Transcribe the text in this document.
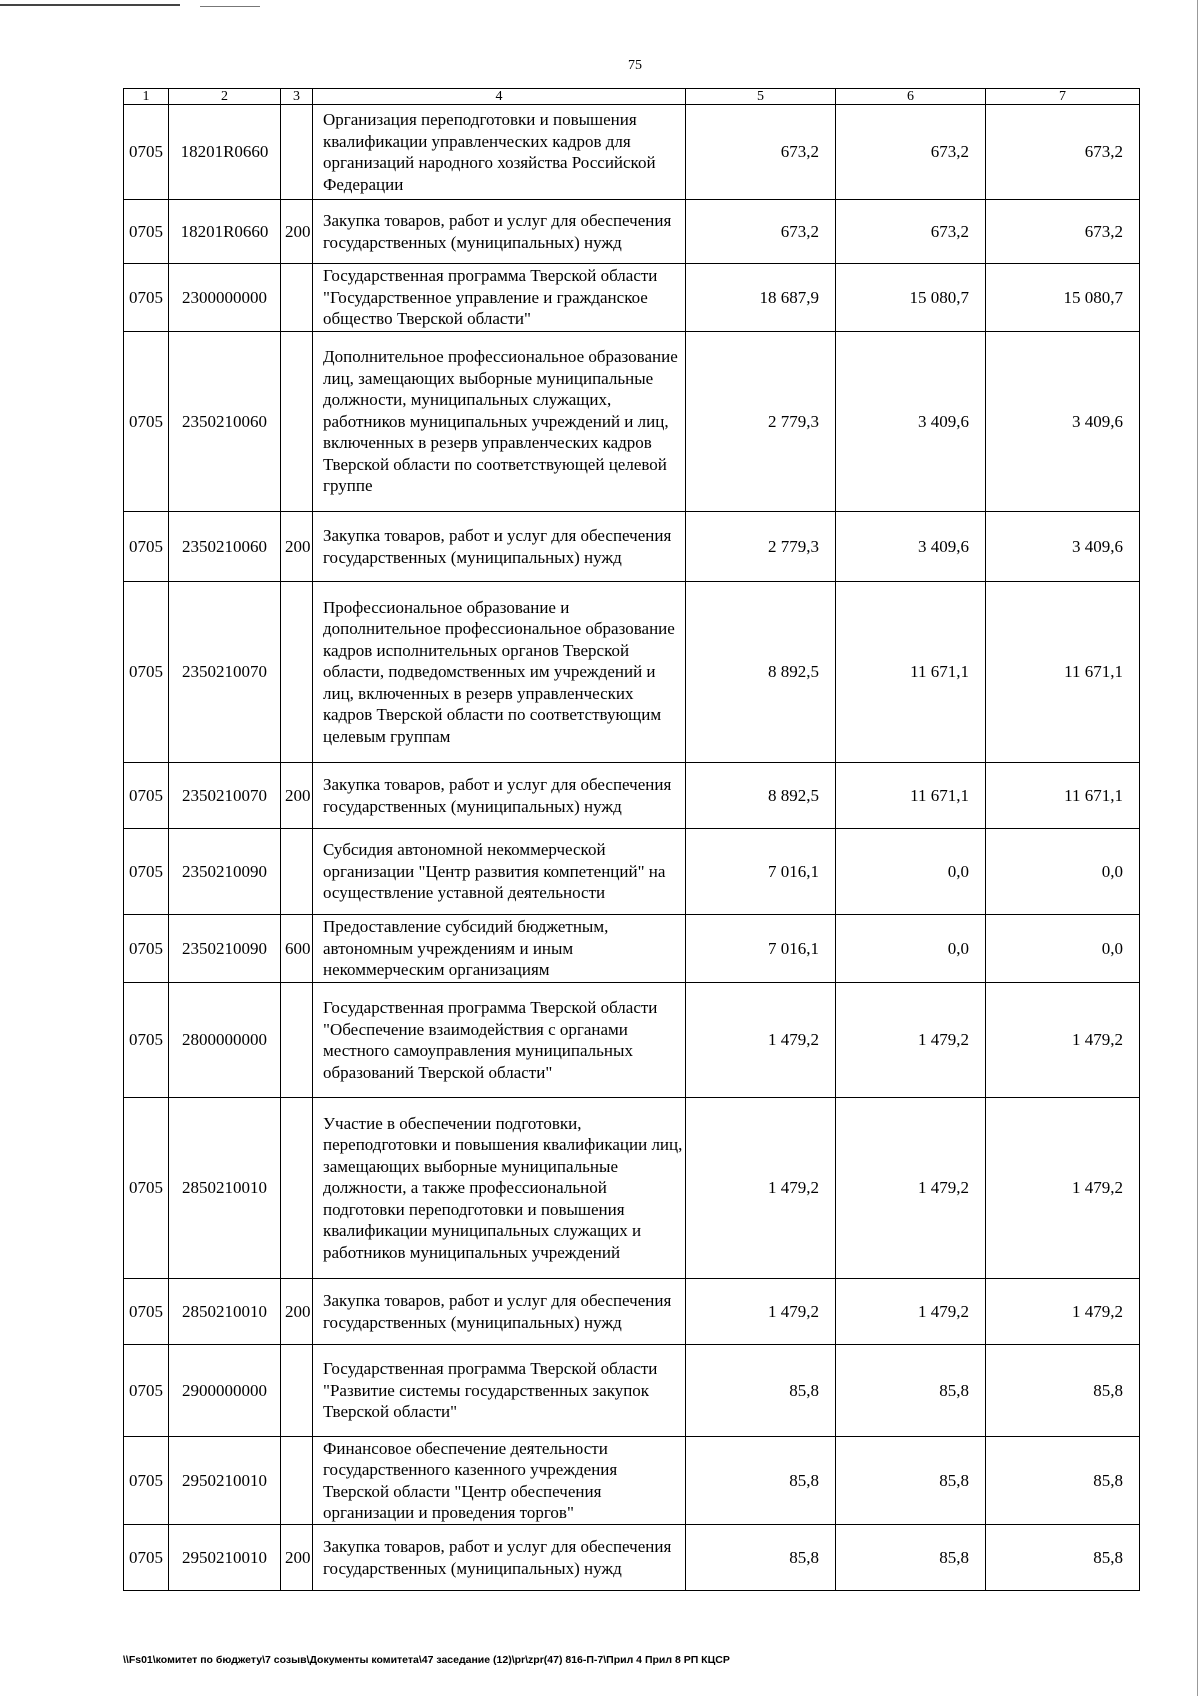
75
1	2	3	4	5	6	7
0705	18201R0660		Организация переподготовки и повышения квалификации управленческих кадров для организаций народного хозяйства Российской Федерации	673,2	673,2	673,2
0705	18201R0660	200	Закупка товаров, работ и услуг для обеспечения государственных (муниципальных) нужд	673,2	673,2	673,2
0705	2300000000		Государственная программа Тверской области "Государственное управление и гражданское общество Тверской области"	18 687,9	15 080,7	15 080,7
0705	2350210060		Дополнительное профессиональное образование лиц, замещающих выборные муниципальные должности, муниципальных служащих, работников муниципальных учреждений и лиц, включенных в резерв управленческих кадров Тверской области по соответствующей целевой группе	2 779,3	3 409,6	3 409,6
0705	2350210060	200	Закупка товаров, работ и услуг для обеспечения государственных (муниципальных) нужд	2 779,3	3 409,6	3 409,6
0705	2350210070		Профессиональное образование и дополнительное профессиональное образование кадров исполнительных органов Тверской области, подведомственных им учреждений и лиц, включенных в резерв управленческих кадров Тверской области по соответствующим целевым группам	8 892,5	11 671,1	11 671,1
0705	2350210070	200	Закупка товаров, работ и услуг для обеспечения государственных (муниципальных) нужд	8 892,5	11 671,1	11 671,1
0705	2350210090		Субсидия автономной некоммерческой организации "Центр развития компетенций" на осуществление уставной деятельности	7 016,1	0,0	0,0
0705	2350210090	600	Предоставление субсидий бюджетным, автономным учреждениям и иным некоммерческим организациям	7 016,1	0,0	0,0
0705	2800000000		Государственная программа Тверской области "Обеспечение взаимодействия с органами местного самоуправления муниципальных образований Тверской области"	1 479,2	1 479,2	1 479,2
0705	2850210010		Участие в обеспечении подготовки, переподготовки и повышения квалификации лиц, замещающих выборные муниципальные должности, а также профессиональной подготовки переподготовки и повышения квалификации муниципальных служащих и работников муниципальных учреждений	1 479,2	1 479,2	1 479,2
0705	2850210010	200	Закупка товаров, работ и услуг для обеспечения государственных (муниципальных) нужд	1 479,2	1 479,2	1 479,2
0705	2900000000		Государственная программа Тверской области "Развитие системы государственных закупок Тверской области"	85,8	85,8	85,8
0705	2950210010		Финансовое обеспечение деятельности государственного казенного учреждения Тверской области "Центр обеспечения организации и проведения торгов"	85,8	85,8	85,8
0705	2950210010	200	Закупка товаров, работ и услуг для обеспечения государственных (муниципальных) нужд	85,8	85,8	85,8
\\Fs01\комитет по бюджету\7 созыв\Документы комитета\47 заседание (12)\pr\zpr(47) 816-П-7\Прил 4 Прил 8 РП КЦСР
